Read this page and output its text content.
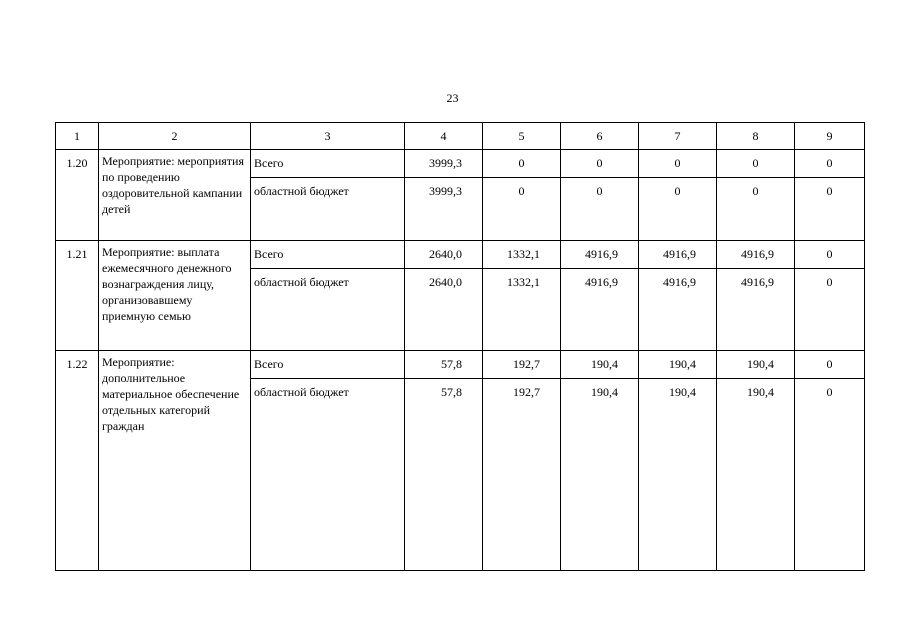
23
1	2	3	4	5	6	7	8	9
1.20	Мероприятие: мероприятия по проведению оздоровительной кампании детей	Всего	3999,3	0	0	0	0	0
		областной бюджет	3999,3	0	0	0	0	0
1.21	Мероприятие: выплата ежемесячного денежного вознаграждения лицу, организовавшему приемную семью	Всего	2640,0	1332,1	4916,9	4916,9	4916,9	0
		областной бюджет	2640,0	1332,1	4916,9	4916,9	4916,9	0
1.22	Мероприятие: дополнительное материальное обеспечение отдельных категорий граждан	Всего	57,8	192,7	190,4	190,4	190,4	0
		областной бюджет	57,8	192,7	190,4	190,4	190,4	0
